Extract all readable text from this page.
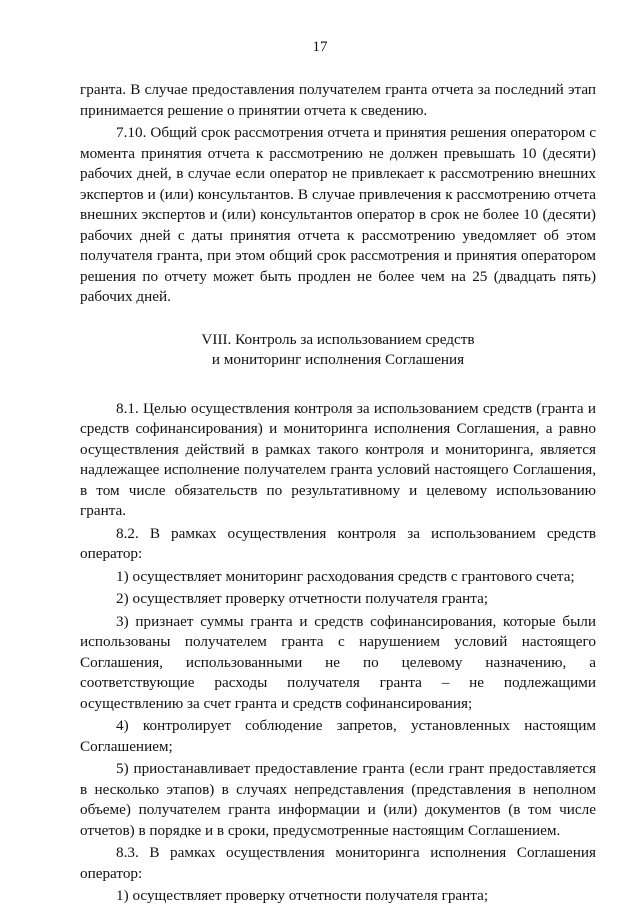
17

гранта. В случае предоставления получателем гранта отчета за последний этап принимается решение о принятии отчета к сведению.

7.10. Общий срок рассмотрения отчета и принятия решения оператором с момента принятия отчета к рассмотрению не должен превышать 10 (десяти) рабочих дней, в случае если оператор не привлекает к рассмотрению внешних экспертов и (или) консультантов. В случае привлечения к рассмотрению отчета внешних экспертов и (или) консультантов оператор в срок не более 10 (десяти) рабочих дней с даты принятия отчета к рассмотрению уведомляет об этом получателя гранта, при этом общий срок рассмотрения и принятия оператором решения по отчету может быть продлен не более чем на 25 (двадцать пять) рабочих дней.

VIII. Контроль за использованием средств
и мониторинг исполнения Соглашения

8.1. Целью осуществления контроля за использованием средств (гранта и средств софинансирования) и мониторинга исполнения Соглашения, а равно осуществления действий в рамках такого контроля и мониторинга, является надлежащее исполнение получателем гранта условий настоящего Соглашения, в том числе обязательств по результативному и целевому использованию гранта.

8.2. В рамках осуществления контроля за использованием средств оператор:

1) осуществляет мониторинг расходования средств с грантового счета;

2) осуществляет проверку отчетности получателя гранта;

3) признает суммы гранта и средств софинансирования, которые были использованы получателем гранта с нарушением условий настоящего Соглашения, использованными не по целевому назначению, а соответствующие расходы получателя гранта – не подлежащими осуществлению за счет гранта и средств софинансирования;

4) контролирует соблюдение запретов, установленных настоящим Соглашением;

5) приостанавливает предоставление гранта (если грант предоставляется в несколько этапов) в случаях непредставления (представления в неполном объеме) получателем гранта информации и (или) документов (в том числе отчетов) в порядке и в сроки, предусмотренные настоящим Соглашением.

8.3. В рамках осуществления мониторинга исполнения Соглашения оператор:

1) осуществляет проверку отчетности получателя гранта;
